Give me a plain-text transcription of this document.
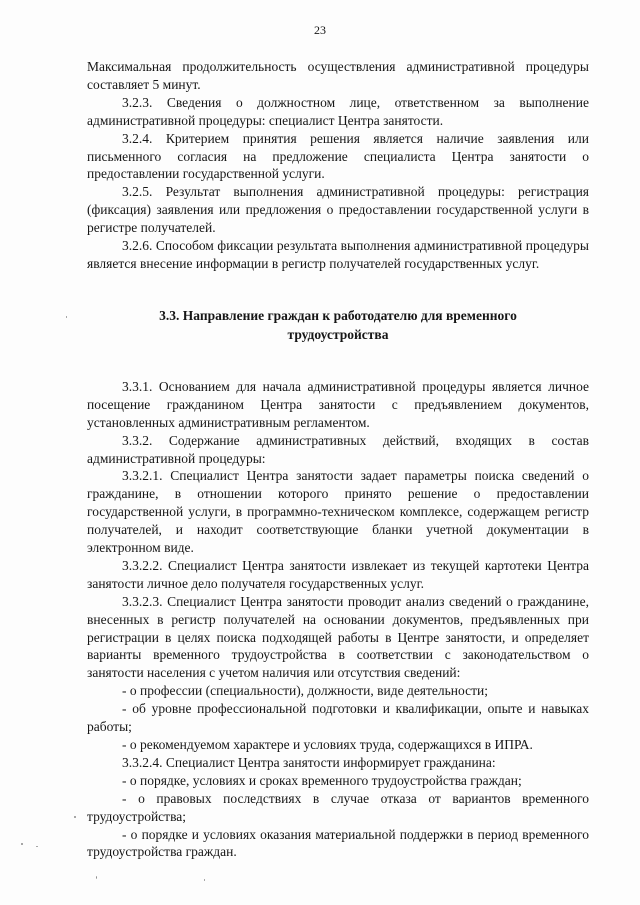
23

Максимальная продолжительность осуществления административной процедуры составляет 5 минут.

3.2.3. Сведения о должностном лице, ответственном за выполнение административной процедуры: специалист Центра занятости.

3.2.4. Критерием принятия решения является наличие заявления или письменного согласия на предложение специалиста Центра занятости о предоставлении государственной услуги.

3.2.5. Результат выполнения административной процедуры: регистрация (фиксация) заявления или предложения о предоставлении государственной услуги в регистре получателей.

3.2.6. Способом фиксации результата выполнения административной процедуры является внесение информации в регистр получателей государственных услуг.

3.3. Направление граждан к работодателю для временного трудоустройства

3.3.1. Основанием для начала административной процедуры является личное посещение гражданином Центра занятости с предъявлением документов, установленных административным регламентом.

3.3.2. Содержание административных действий, входящих в состав административной процедуры:

3.3.2.1. Специалист Центра занятости задает параметры поиска сведений о гражданине, в отношении которого принято решение о предоставлении государственной услуги, в программно-техническом комплексе, содержащем регистр получателей, и находит соответствующие бланки учетной документации в электронном виде.

3.3.2.2. Специалист Центра занятости извлекает из текущей картотеки Центра занятости личное дело получателя государственных услуг.

3.3.2.3. Специалист Центра занятости проводит анализ сведений о гражданине, внесенных в регистр получателей на основании документов, предъявленных при регистрации в целях поиска подходящей работы в Центре занятости, и определяет варианты временного трудоустройства в соответствии с законодательством о занятости населения с учетом наличия или отсутствия сведений:

- о профессии (специальности), должности, виде деятельности;

- об уровне профессиональной подготовки и квалификации, опыте и навыках работы;

- о рекомендуемом характере и условиях труда, содержащихся в ИПРА.

3.3.2.4. Специалист Центра занятости информирует гражданина:

- о порядке, условиях и сроках временного трудоустройства граждан;

- о правовых последствиях в случае отказа от вариантов временного трудоустройства;

- о порядке и условиях оказания материальной поддержки в период временного трудоустройства граждан.
